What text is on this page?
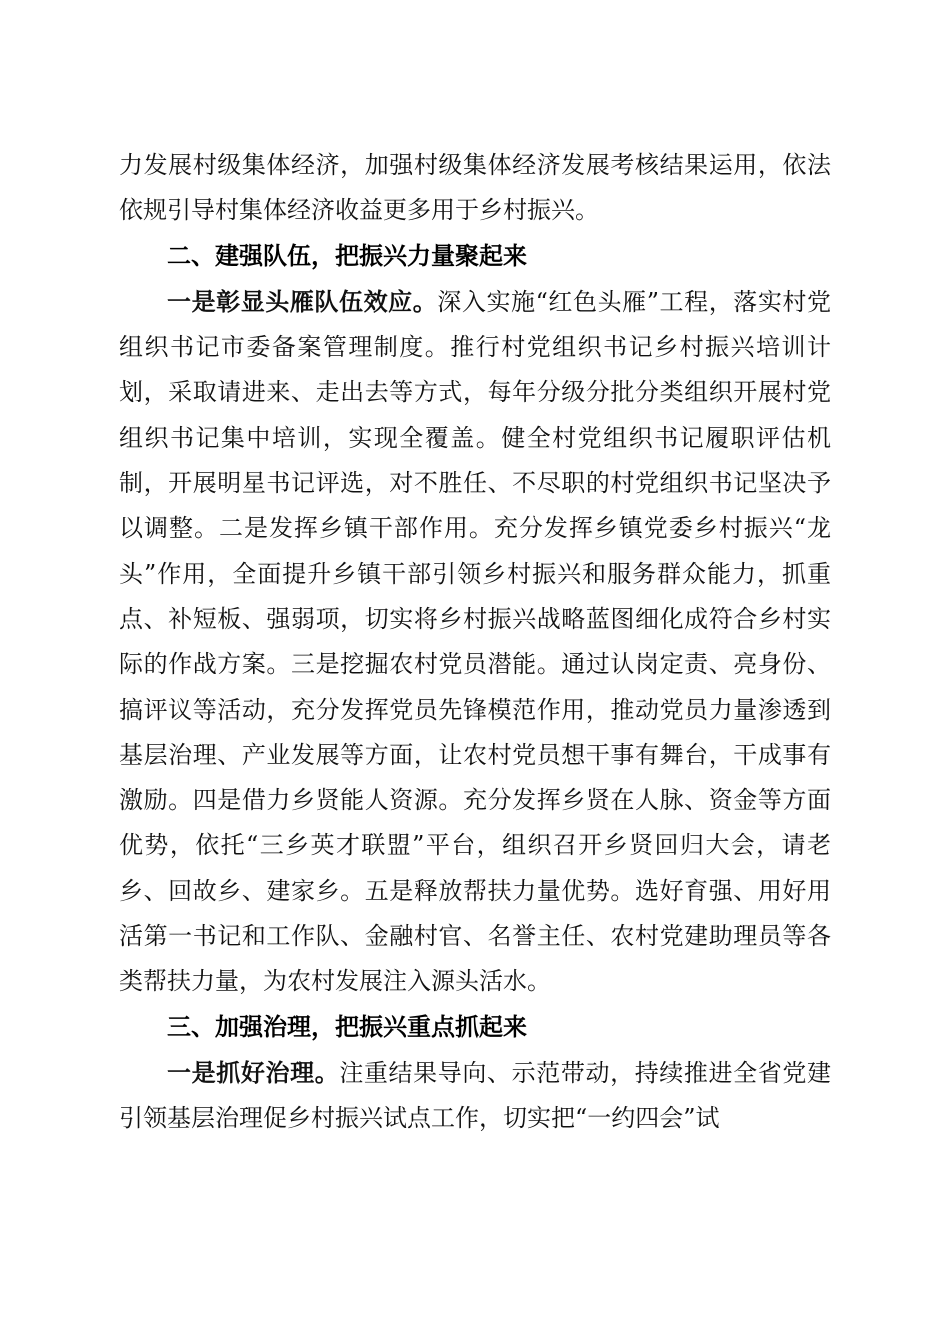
力发展村级集体经济，加强村级集体经济发展考核结果运用，依法依规引导村集体经济收益更多用于乡村振兴。

二、建强队伍，把振兴力量聚起来

一是彰显头雁队伍效应。深入实施“红色头雁”工程，落实村党组织书记市委备案管理制度。推行村党组织书记乡村振兴培训计划，采取请进来、走出去等方式，每年分级分批分类组织开展村党组织书记集中培训，实现全覆盖。健全村党组织书记履职评估机制，开展明星书记评选，对不胜任、不尽职的村党组织书记坚决予以调整。二是发挥乡镇干部作用。充分发挥乡镇党委乡村振兴“龙头”作用，全面提升乡镇干部引领乡村振兴和服务群众能力，抓重点、补短板、强弱项，切实将乡村振兴战略蓝图细化成符合乡村实际的作战方案。三是挖掘农村党员潜能。通过认岗定责、亮身份、搞评议等活动，充分发挥党员先锋模范作用，推动党员力量渗透到基层治理、产业发展等方面，让农村党员想干事有舞台，干成事有激励。四是借力乡贤能人资源。充分发挥乡贤在人脉、资金等方面优势，依托“三乡英才联盟”平台，组织召开乡贤回归大会，请老乡、回故乡、建家乡。五是释放帮扶力量优势。选好育强、用好用活第一书记和工作队、金融村官、名誉主任、农村党建助理员等各类帮扶力量，为农村发展注入源头活水。

三、加强治理，把振兴重点抓起来

一是抓好治理。注重结果导向、示范带动，持续推进全省党建引领基层治理促乡村振兴试点工作，切实把“一约四会”试
